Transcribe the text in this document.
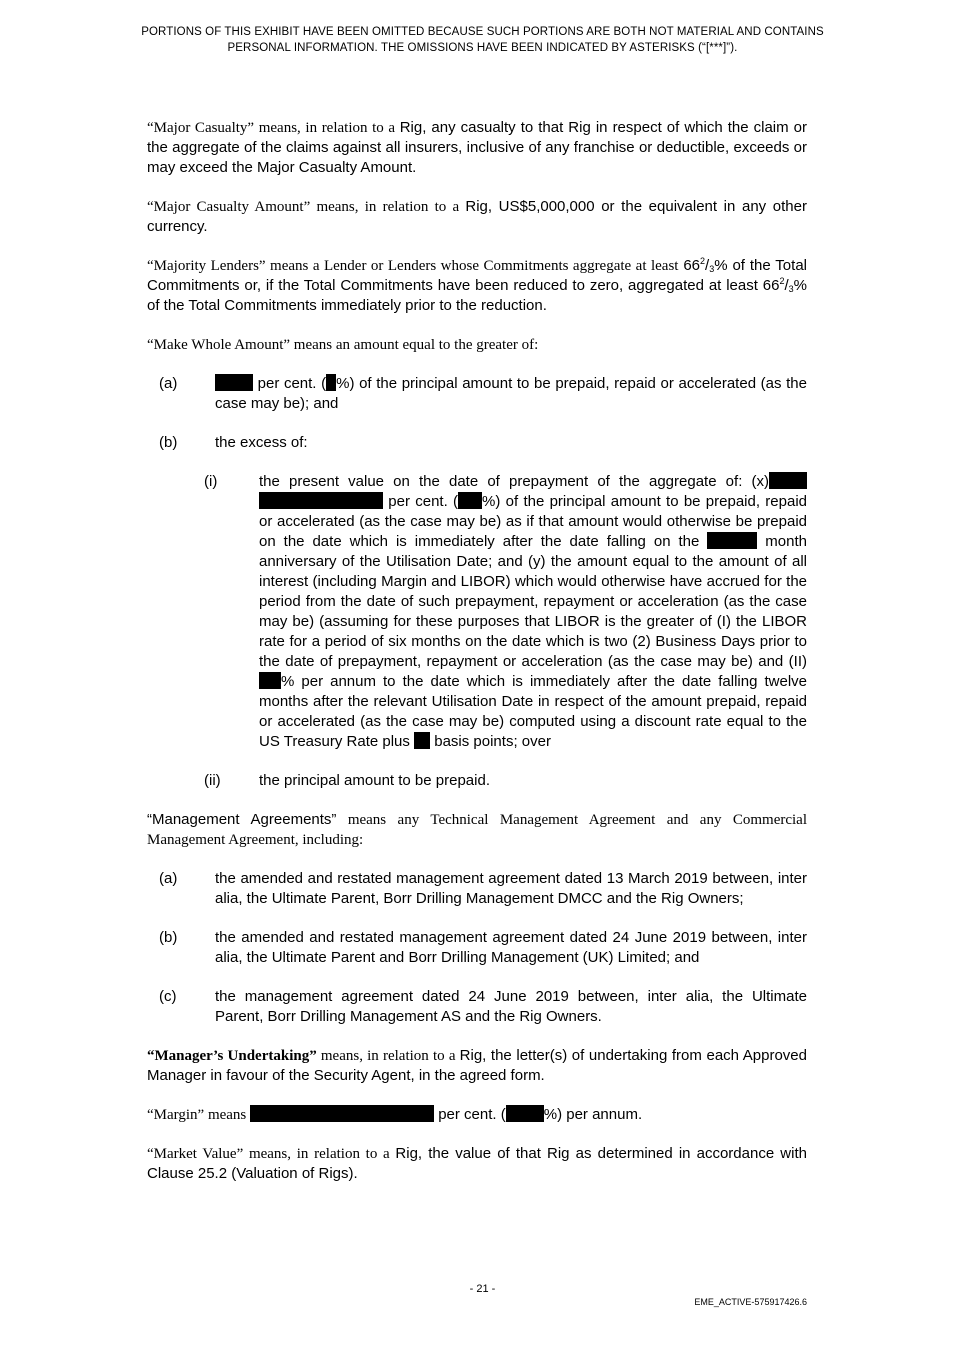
PORTIONS OF THIS EXHIBIT HAVE BEEN OMITTED BECAUSE SUCH PORTIONS ARE BOTH NOT MATERIAL AND CONTAINS PERSONAL INFORMATION. THE OMISSIONS HAVE BEEN INDICATED BY ASTERISKS (“[***]”).

“Major Casualty” means, in relation to a Rig, any casualty to that Rig in respect of which the claim or the aggregate of the claims against all insurers, inclusive of any franchise or deductible, exceeds or may exceed the Major Casualty Amount.

“Major Casualty Amount” means, in relation to a Rig, US$5,000,000 or the equivalent in any other currency.

“Majority Lenders” means a Lender or Lenders whose Commitments aggregate at least $66^2/3\%$ of the Total Commitments or, if the Total Commitments have been reduced to zero, aggregated at least $66^2/3\%$ of the Total Commitments immediately prior to the reduction.

“Make Whole Amount” means an amount equal to the greater of:

(a)	per cent. ( %) of the principal amount to be prepaid, repaid or accelerated (as the case may be); and
(b)	the excess of:
(i)	the present value on the date of prepayment of the aggregate of: (x)  per cent. ( %) of the principal amount to be prepaid, repaid or accelerated (as the case may be) as if that amount would otherwise be prepaid on the date which is immediately after the date falling on the	month anniversary of the Utilisation Date; and (y) the amount equal to the amount of all interest (including Margin and LIBOR) which would otherwise have accrued for the period from the date of such prepayment, repayment or acceleration (as the case may be) (assuming for these purposes that LIBOR is the greater of (I) the LIBOR rate for a period of six months on the date which is two (2) Business Days prior to the date of prepayment, repayment or acceleration (as the case may be) and (II)% per annum to the date which is immediately after the date falling twelve months after the relevant Utilisation Date in respect of the amount prepaid, repaid or accelerated (as the case may be) computed using a discount rate equal to the US Treasury Rate plus  basis points; over
(ii)	the principal amount to be prepaid.

“Management Agreements” means any Technical Management Agreement and any Commercial Management Agreement, including:

(a)	the amended and restated management agreement dated 13 March 2019 between, inter alia, the Ultimate Parent, Borr Drilling Management DMCC and the Rig Owners;
(b)	the amended and restated management agreement dated 24 June 2019 between, inter alia, the Ultimate Parent and Borr Drilling Management (UK) Limited; and
(c)	the management agreement dated 24 June 2019 between, inter alia, the Ultimate Parent, Borr Drilling Management AS and the Rig Owners.

“Manager’s Undertaking” means, in relation to a Rig, the letter(s) of undertaking from each Approved Manager in favour of the Security Agent, in the agreed form.

“Margin” means	per cent. (	%) per annum.

“Market Value” means, in relation to a Rig, the value of that Rig as determined in accordance with Clause 25.2 (Valuation of Rigs).

- 21 -
EME_ACTIVE-575917426.6
